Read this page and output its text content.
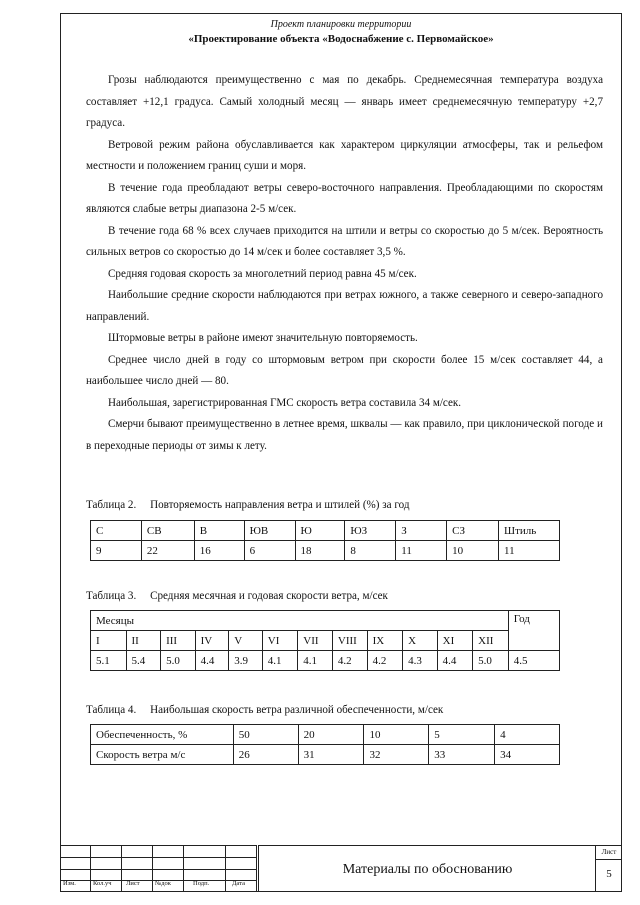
Проект планировки территории
«Проектирование объекта «Водоснабжение с. Первомайское»

Грозы наблюдаются преимущественно с мая по декабрь. Среднемесячная температура воздуха составляет +12,1 градуса. Самый холодный месяц — январь имеет среднемесячную температуру +2,7 градуса.

Ветровой режим района обуславливается как характером циркуляции атмосферы, так и рельефом местности и положением границ суши и моря.

В течение года преобладают ветры северо-восточного направления. Преобладающими по скоростям являются слабые ветры диапазона 2-5 м/сек.

В течение года 68 % всех случаев приходится на штили и ветры со скоростью до 5 м/сек. Вероятность сильных ветров со скоростью до 14 м/сек и более составляет 3,5 %.

Средняя годовая скорость за многолетний период равна 45 м/сек.

Наибольшие средние скорости наблюдаются при ветрах южного, а также северного и северо-западного направлений.

Штормовые ветры в районе имеют значительную повторяемость.

Среднее число дней в году со штормовым ветром при скорости более 15 м/сек составляет 44, а наибольшее число дней — 80.

Наибольшая, зарегистрированная ГМС скорость ветра составила 34 м/сек.

Смерчи бывают преимущественно в летнее время, шквалы — как правило, при циклонической погоде и в переходные периоды от зимы к лету.

Таблица 2.     Повторяемость направления ветра и штилей (%) за год
С	СВ	В	ЮВ	Ю	ЮЗ	З	СЗ	Штиль
9	22	16	6	18	8	11	10	11
Таблица 3.     Средняя месячная и годовая скорости ветра, м/сек
Месяцы												Год
I	II	III	IV	V	VI	VII	VIII	IX	X	XI	XII	
5.1	5.4	5.0	4.4	3.9	4.1	4.1	4.2	4.2	4.3	4.4	5.0	4.5
Таблица 4.     Наибольшая скорость ветра различной обеспеченности, м/сек
Обеспеченность, %	50	20	10	5	4
Скорость ветра м/с	26	31	32	33	34
Изм.	Кол.уч Лист №док	Подп.	Дата
Материалы по обоснованию
Лист
5
